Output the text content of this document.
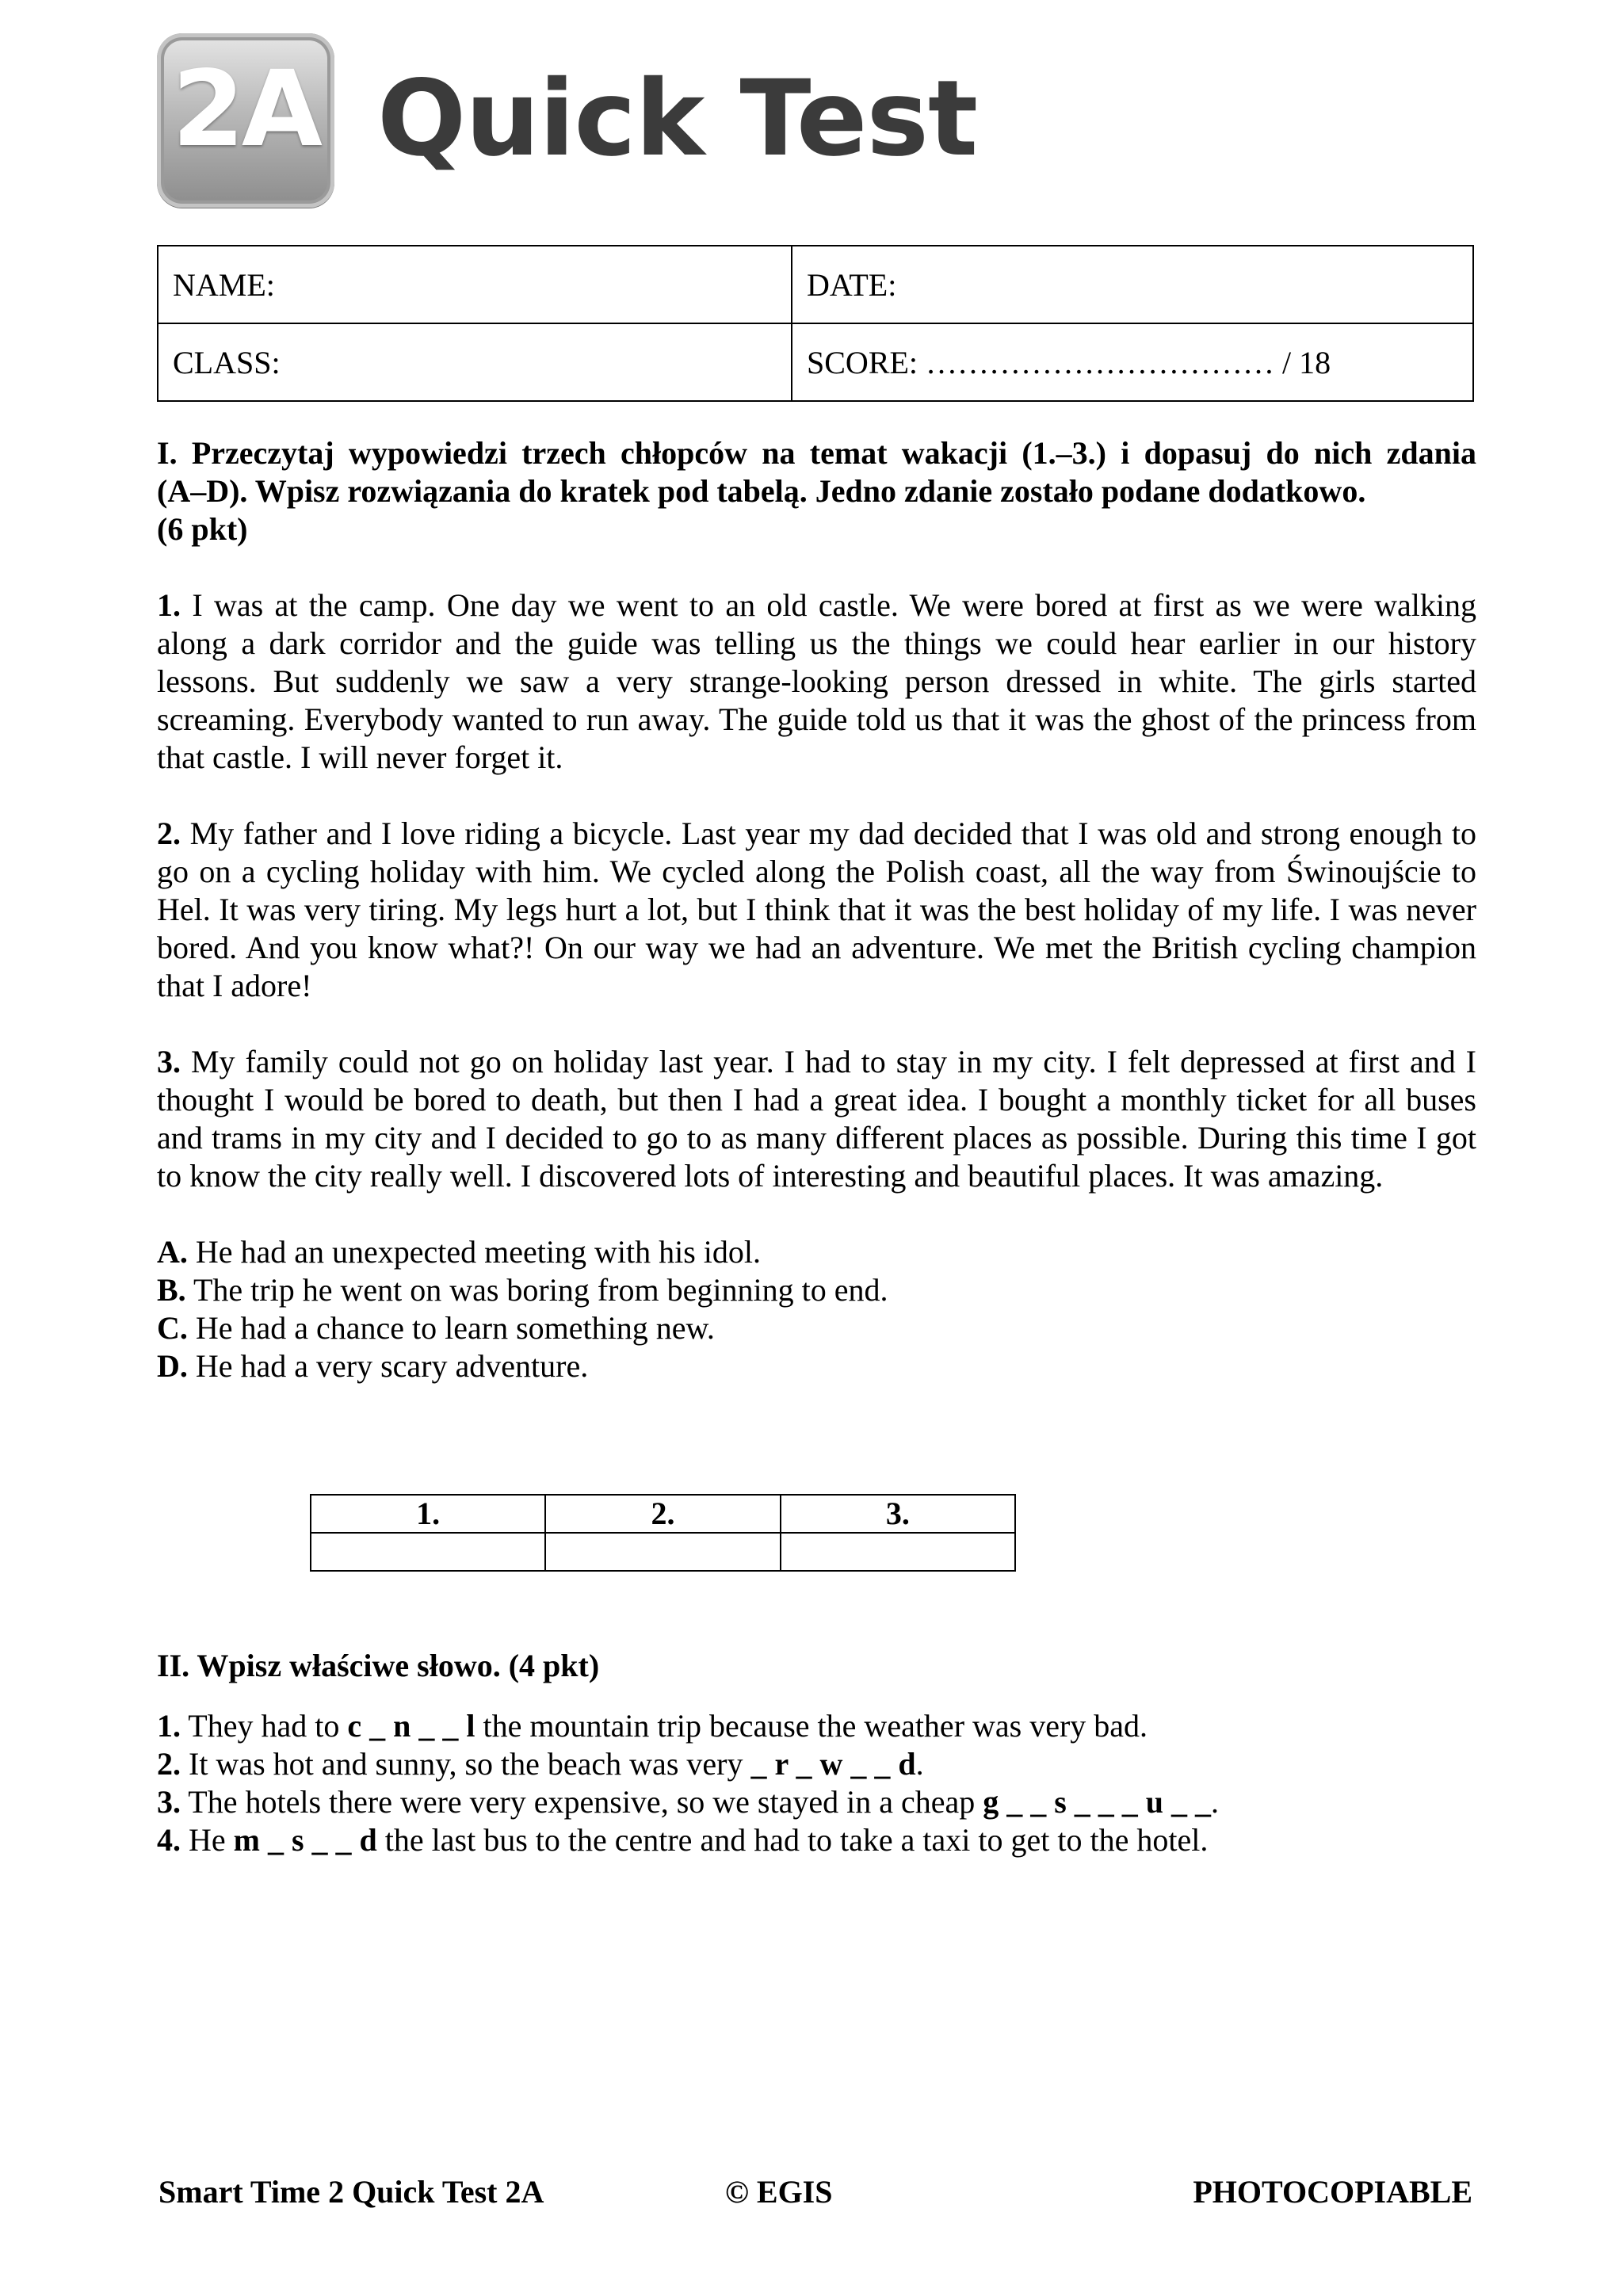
2A Quick Test
NAME:	DATE:
CLASS:	SCORE: …………………………… / 18
I. Przeczytaj wypowiedzi trzech chłopców na temat wakacji (1.–3.) i dopasuj do nich zdania
(A–D). Wpisz rozwiązania do kratek pod tabelą. Jedno zdanie zostało podane dodatkowo.
(6 pkt)
1. I was at the camp. One day we went to an old castle. We were bored at first as we were walking along a dark corridor and the guide was telling us the things we could hear earlier in our history lessons. But suddenly we saw a very strange-looking person dressed in white. The girls started screaming. Everybody wanted to run away. The guide told us that it was the ghost of the princess from that castle. I will never forget it.
2. My father and I love riding a bicycle. Last year my dad decided that I was old and strong enough to go on a cycling holiday with him. We cycled along the Polish coast, all the way from Świnoujście to Hel. It was very tiring. My legs hurt a lot, but I think that it was the best holiday of my life. I was never bored. And you know what?! On our way we had an adventure. We met the British cycling champion that I adore!
3. My family could not go on holiday last year. I had to stay in my city. I felt depressed at first and I thought I would be bored to death, but then I had a great idea. I bought a monthly ticket for all buses and trams in my city and I decided to go to as many different places as possible. During this time I got to know the city really well. I discovered lots of interesting and beautiful places. It was amazing.
A. He had an unexpected meeting with his idol.
B. The trip he went on was boring from beginning to end.
C. He had a chance to learn something new.
D. He had a very scary adventure.
1.	2.	3.

II. Wpisz właściwe słowo. (4 pkt)
1. They had to c _ n _ _ l the mountain trip because the weather was very bad.
2. It was hot and sunny, so the beach was very _ r _ w _ _ d.
3. The hotels there were very expensive, so we stayed in a cheap g _ _ s _ _ _ u _ _.
4. He m _ s _ _ d the last bus to the centre and had to take a taxi to get to the hotel.
Smart Time 2 Quick Test 2A	© EGIS	PHOTOCOPIABLE
